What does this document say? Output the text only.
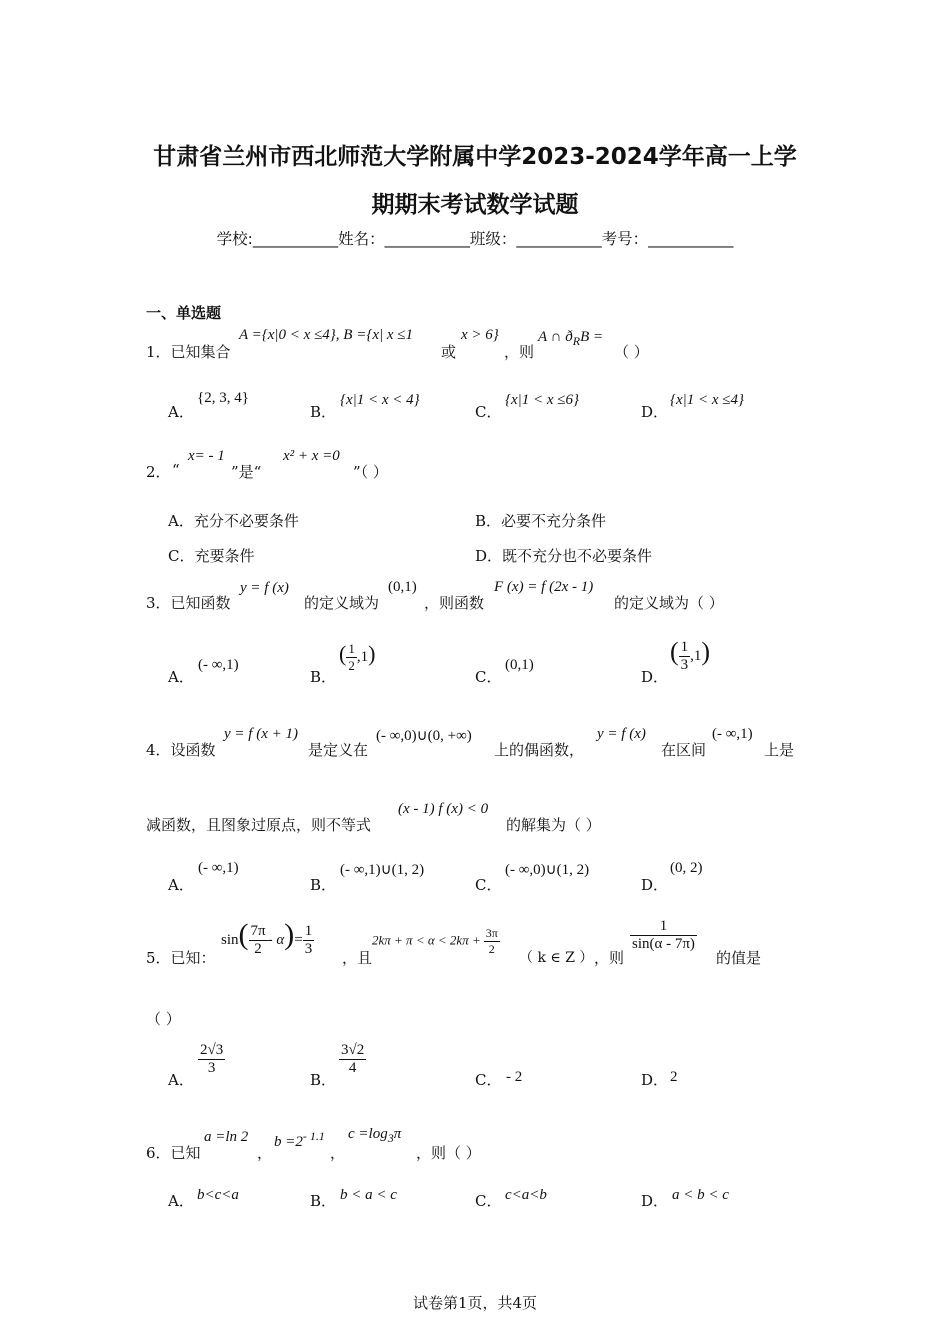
甘肃省兰州市西北师范大学附属中学2023-2024学年高一上学
期期末考试数学试题
学校:___________姓名：___________班级：___________考号：___________
一、单选题
1．已知集合
A ={x|0 < x ≤4}, B ={x| x ≤1
或
x > 6}
，则
A ∩ $ð_RB$ =
（ ）
A．
{2, 3, 4}
B．
{x|1 < x < 4}
C．
{x|1 < x ≤6}
D．
{x|1 < x ≤4}
2． “
x= - 1
”是“
x² + x =0
”（ ）
A．充分不必要条件	B．必要不充分条件
C．充要条件	D．既不充分也不必要条件
3．已知函数
y = f (x)
的定义域为
(0,1)
，则函数
F (x) = f (2x - 1)
的定义域为（ ）
A．
(- ∞,1)
B．
( $\frac{1}{2} ,1$)
C．
(0,1)
D．
( $\frac{1}{3} ,1$)
4．设函数
y = f (x + 1)
是定义在
(- ∞,0)∪(0, +∞)
上的偶函数，
y = f (x)
在区间
(- ∞,1)
上是
减函数，且图象过原点，则不等式
(x - 1) f (x) < 0
的解集为（ ）
A．
(- ∞,1)
B．
(- ∞,1)∪(1, 2)
C．
(- ∞,0)∪(1, 2)
D．
(0, 2)
5．已知：
$\sin( \frac{7\pi}{2} - \alpha)= \frac{1}{3}$ ，且
$2k\pi + \pi < \alpha < 2k\pi + \frac{3\pi}{2}$
（ k ∈ Z ） ，则
$\frac{1}{\sin(\alpha - 7\pi)}$
的值是
（ ）
A．
$\frac{2√3}{3}$
B．
$\frac{3√2}{4}$
C． - 2	D． 2
6．已知
a =ln 2
，
$b =2^{- 1.1}$
，
$c =\log_3\pi$
，则（ ）
A． b<c<a	B． b < a < c	C． c<a<b	D． a < b < c
试卷第1页，共4页
